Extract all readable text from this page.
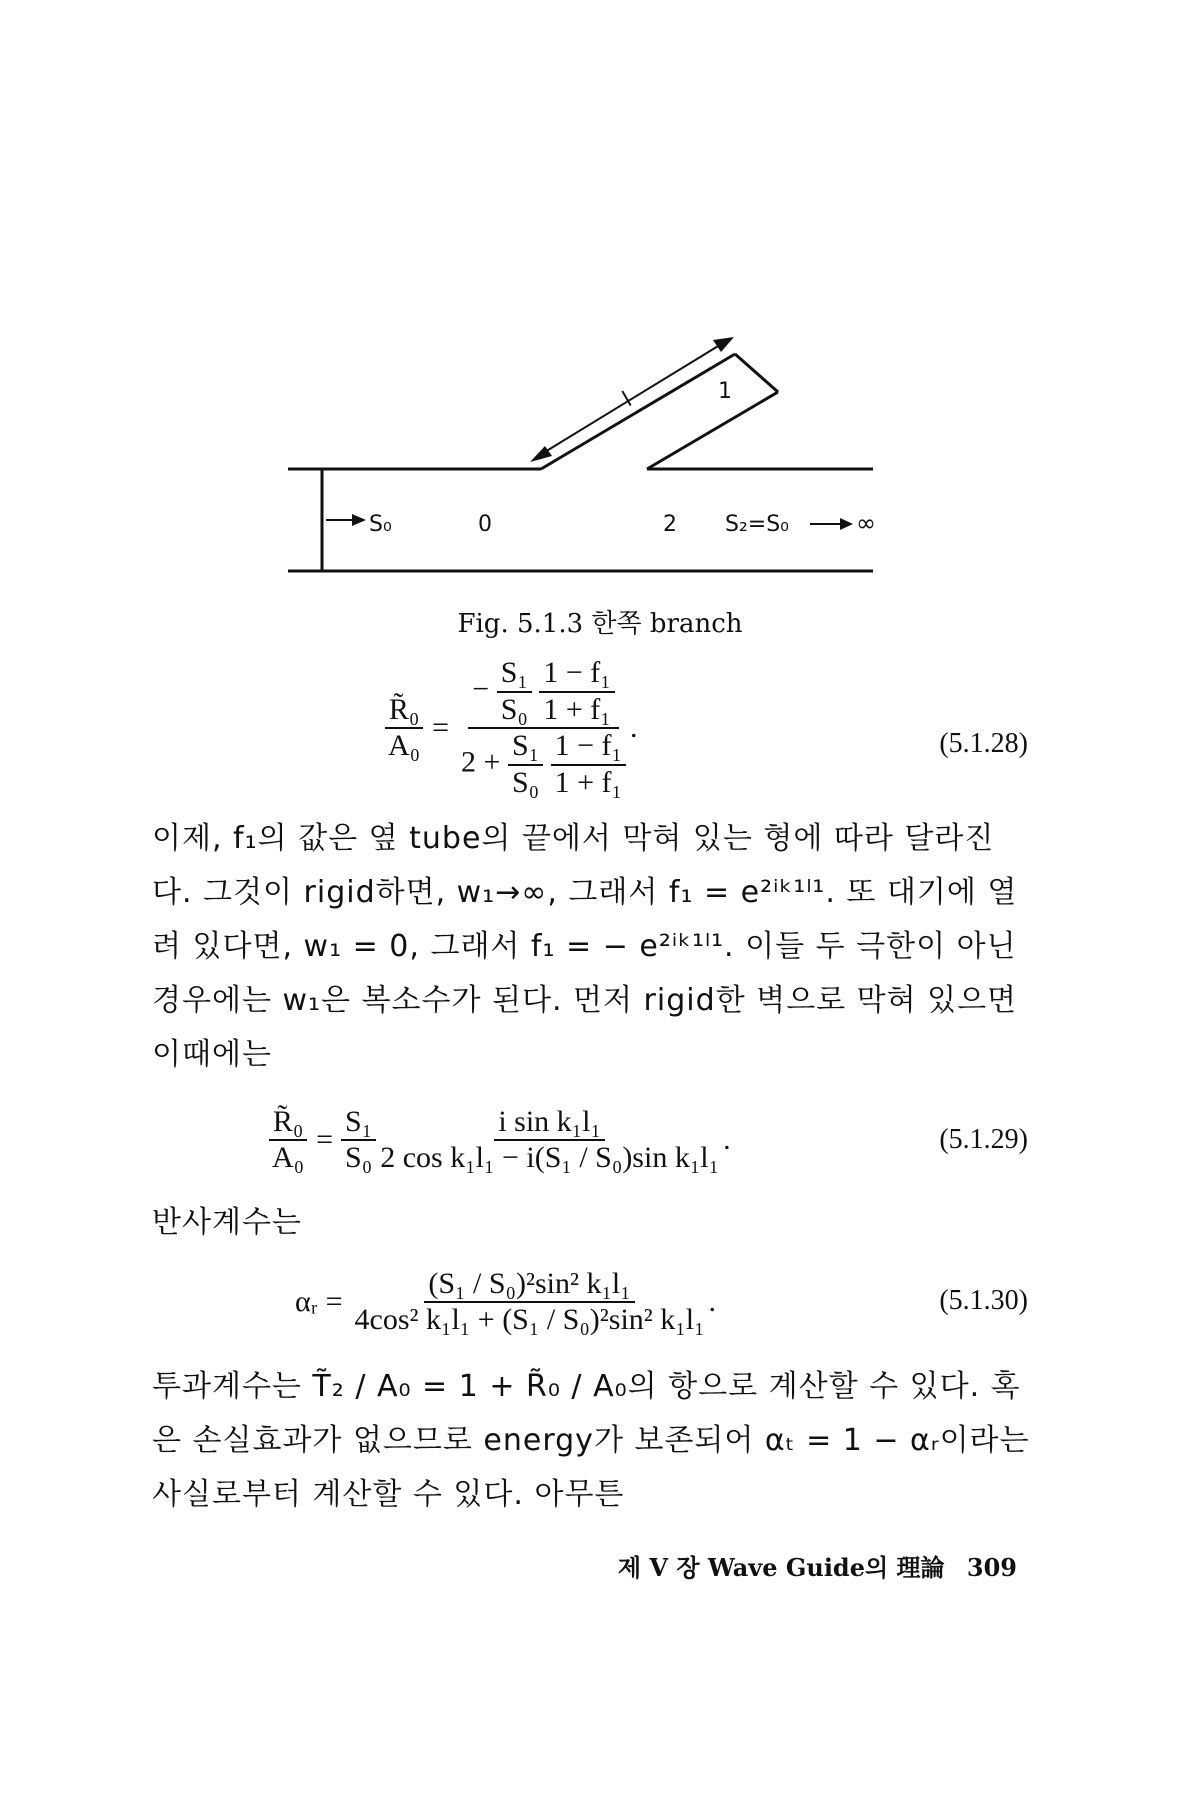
S₀	0	2 S₂=S₀	∞
l	1
Fig. 5.1.3 한쪽 branch
$\frac{\text{R̃₀}}{\text{A₀}}$ =
− $\frac{\text{S₁}}{\text{S₀}}$
$\frac{\text{1 − f₁}}{\text{1 + f₁}}$
$2 + \frac{\text{S₁}}{\text{S₀}}$
$\frac{\text{1 − f₁}}{\text{1 + f₁}}$
.	(5.1.28)

이제, f₁의 값은 옆 tube의 끝에서 막혀 있는 형에 따라 달라진다. 그것이 rigid하면, w₁→∞, 그래서 f₁ = e²ⁱᵏ¹ˡ¹. 또 대기에 열려 있다면, w₁ = 0, 그래서 f₁ = − e²ⁱᵏ¹ˡ¹. 이들 두 극한이 아닌 경우에는 w₁은 복소수가 된다. 먼저 rigid한 벽으로 막혀 있으면 이때에는

$\frac{\text{R̃₀}}{\text{A₀}} = \frac{\text{S₁}}{\text{S₀}} \frac{\text{i sin k₁l₁}}{\text{2 cos k₁l₁ − i(S₁ / S₀)sin k₁l₁}}$ .	(5.1.29)

반사계수는

αᵣ = $\frac{\text{(S₁ / S₀)²sin² k₁l₁}}{\text{4cos² k₁l₁ + (S₁ / S₀)²sin² k₁l₁}}$ .	(5.1.30)

투과계수는 T̃₂ / A₀ = 1 + R̃₀ / A₀의 항으로 계산할 수 있다. 혹은 손실효과가 없으므로 energy가 보존되어 αₜ = 1 − αᵣ이라는 사실로부터 계산할 수 있다. 아무튼

제 V 장 Wave Guide의 理論 309
